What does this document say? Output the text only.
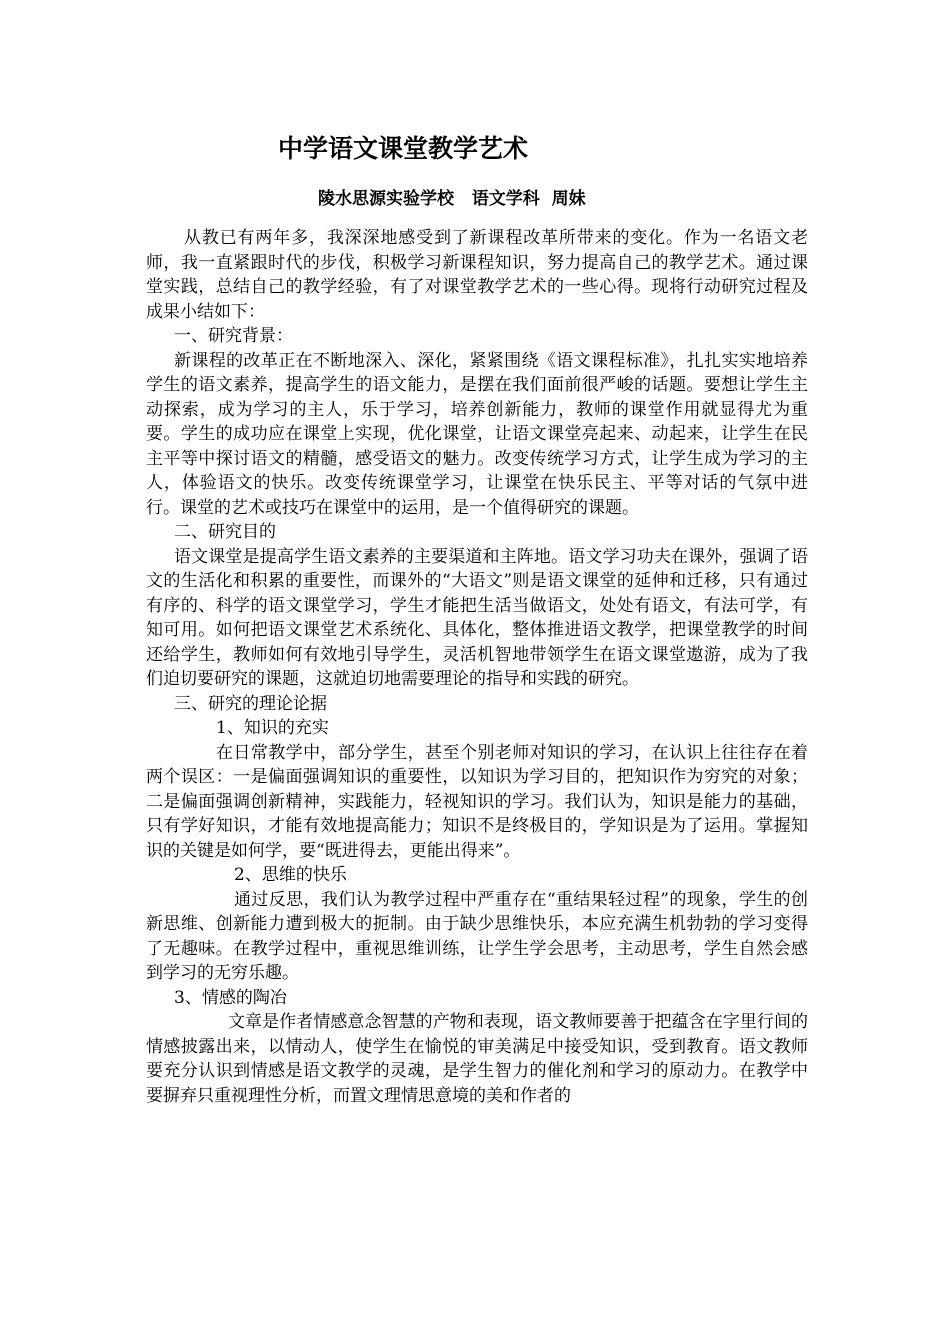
中学语文课堂教学艺术
陵水思源实验学校   语文学科  周妹

从教已有两年多，我深深地感受到了新课程改革所带来的变化。作为一名语文老师，我一直紧跟时代的步伐，积极学习新课程知识，努力提高自己的教学艺术。通过课堂实践，总结自己的教学经验，有了对课堂教学艺术的一些心得。现将行动研究过程及成果小结如下：

一、研究背景：

新课程的改革正在不断地深入、深化，紧紧围绕《语文课程标准》，扎扎实实地培养学生的语文素养，提高学生的语文能力，是摆在我们面前很严峻的话题。要想让学生主动探索，成为学习的主人，乐于学习，培养创新能力，教师的课堂作用就显得尤为重要。学生的成功应在课堂上实现，优化课堂，让语文课堂亮起来、动起来，让学生在民主平等中探讨语文的精髓，感受语文的魅力。改变传统学习方式，让学生成为学习的主人，体验语文的快乐。改变传统课堂学习，让课堂在快乐民主、平等对话的气氛中进行。课堂的艺术或技巧在课堂中的运用，是一个值得研究的课题。

二、研究目的

语文课堂是提高学生语文素养的主要渠道和主阵地。语文学习功夫在课外，强调了语文的生活化和积累的重要性，而课外的“大语文”则是语文课堂的延伸和迁移，只有通过有序的、科学的语文课堂学习，学生才能把生活当做语文，处处有语文，有法可学，有知可用。如何把语文课堂艺术系统化、具体化，整体推进语文教学，把课堂教学的时间还给学生，教师如何有效地引导学生，灵活机智地带领学生在语文课堂遨游，成为了我们迫切要研究的课题，这就迫切地需要理论的指导和实践的研究。

三、研究的理论论据

1、知识的充实

在日常教学中，部分学生，甚至个别老师对知识的学习，在认识上往往存在着两个误区：一是偏面强调知识的重要性，以知识为学习目的，把知识作为穷究的对象；二是偏面强调创新精神，实践能力，轻视知识的学习。我们认为，知识是能力的基础，只有学好知识，才能有效地提高能力；知识不是终极目的，学知识是为了运用。掌握知识的关键是如何学，要“既进得去，更能出得来”。

2、思维的快乐

通过反思，我们认为教学过程中严重存在“重结果轻过程”的现象，学生的创新思维、创新能力遭到极大的扼制。由于缺少思维快乐，本应充满生机勃勃的学习变得了无趣味。在教学过程中，重视思维训练，让学生学会思考，主动思考，学生自然会感到学习的无穷乐趣。

3、情感的陶冶

文章是作者情感意念智慧的产物和表现，语文教师要善于把蕴含在字里行间的情感披露出来，以情动人，使学生在愉悦的审美满足中接受知识，受到教育。语文教师要充分认识到情感是语文教学的灵魂，是学生智力的催化剂和学习的原动力。在教学中要摒弃只重视理性分析，而置文理情思意境的美和作者的
